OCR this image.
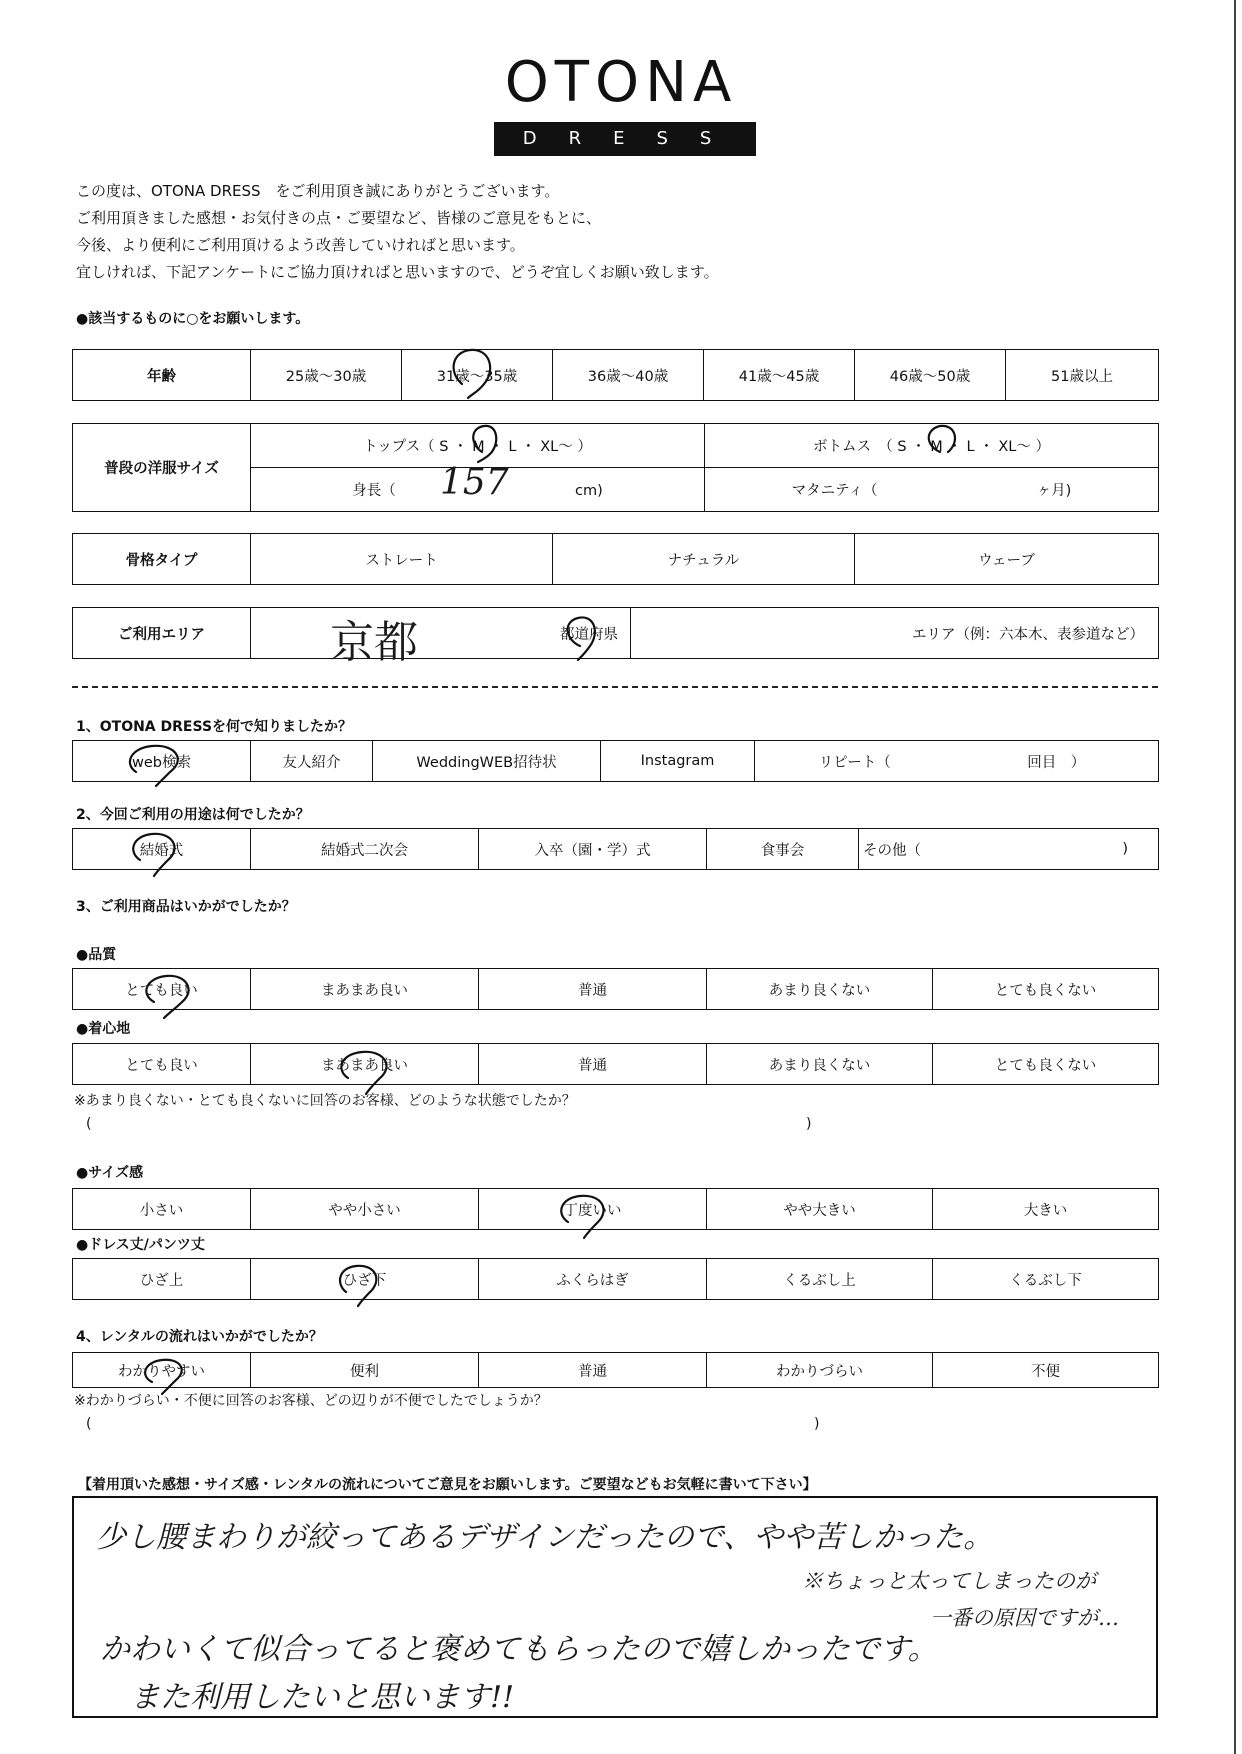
OTONA
DRESS
この度は、OTONA DRESS　をご利用頂き誠にありがとうございます。
ご利用頂きました感想・お気付きの点・ご要望など、皆様のご意見をもとに、
今後、より便利にご利用頂けるよう改善していければと思います。
宜しければ、下記アンケートにご協力頂ければと思いますので、どうぞ宜しくお願い致します。
●該当するものに○をお願いします。
年齢	25歳～30歳	31歳～35歳	36歳～40歳	41歳～45歳	46歳～50歳	51歳以上
普段の洋服サイズ	トップス（ S ・ M ・ L ・ XL～ ）	ボトムス　（ S ・ M ・ L ・ XL～ ）
	身長（ cm)	マタニティ（ ヶ月)
骨格タイプ	ストレート	ナチュラル	ウェーブ
ご利用エリア	都道府県	エリア（例：六本木、表参道など）
1、OTONA DRESSを何で知りましたか？
web検索	友人紹介	WeddingWEB招待状	Instagram	リピート（	回目　）
2、今回ご利用の用途は何でしたか？
結婚式	結婚式二次会	入卒（園・学）式	食事会	その他（	)
3、ご利用商品はいかがでしたか？
●品質
とても良い	まあまあ良い	普通	あまり良くない	とても良くない
●着心地
とても良い	まあまあ良い	普通	あまり良くない	とても良くない
※あまり良くない・とても良くないに回答のお客様、どのような状態でしたか？
(	)
●サイズ感
小さい	やや小さい	丁度いい	やや大きい	大きい
●ドレス丈/パンツ丈
ひざ上	ひざ下	ふくらはぎ	くるぶし上	くるぶし下
4、レンタルの流れはいかがでしたか？
わかりやすい	便利	普通	わかりづらい	不便
※わかりづらい・不便に回答のお客様、どの辺りが不便でしたでしょうか？
(	)
【着用頂いた感想・サイズ感・レンタルの流れについてご意見をお願いします。ご要望などもお気軽に書いて下さい】
157
京都
少し腰まわりが絞ってあるデザインだったので、やや苦しかった。
※ちょっと太ってしまったのが
一番の原因ですが…
かわいくて似合ってると褒めてもらったので嬉しかったです。
また利用したいと思います!!
